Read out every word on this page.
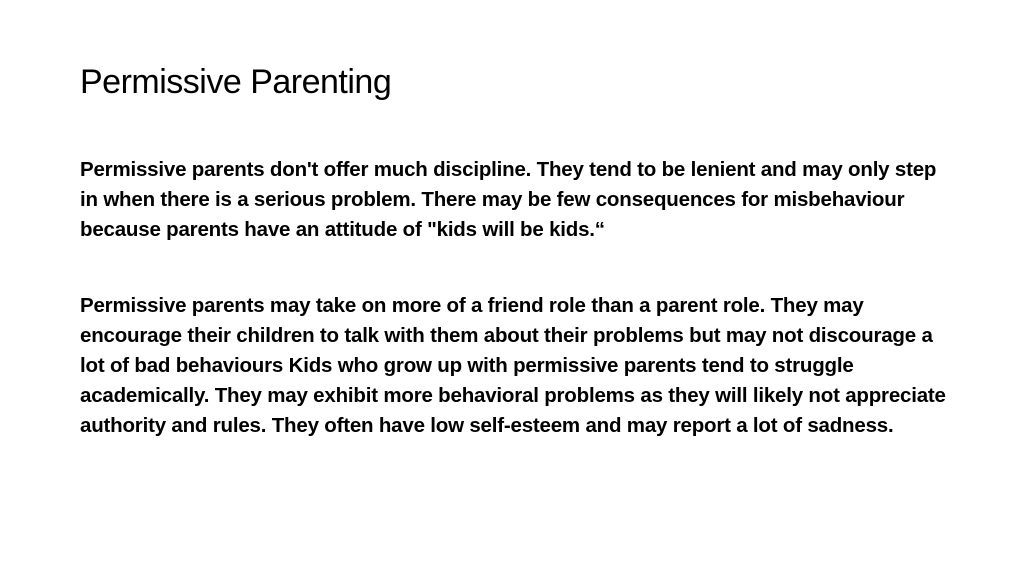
Permissive Parenting

Permissive parents don't offer much discipline. They tend to be lenient and may only step in when there is a serious problem. There may be few consequences for misbehaviour because parents have an attitude of "kids will be kids.“

Permissive parents may take on more of a friend role than a parent role. They may encourage their children to talk with them about their problems but may not discourage a lot of bad behaviours Kids who grow up with permissive parents tend to struggle academically. They may exhibit more behavioral problems as they will likely not appreciate authority and rules. They often have low self-esteem and may report a lot of sadness.
